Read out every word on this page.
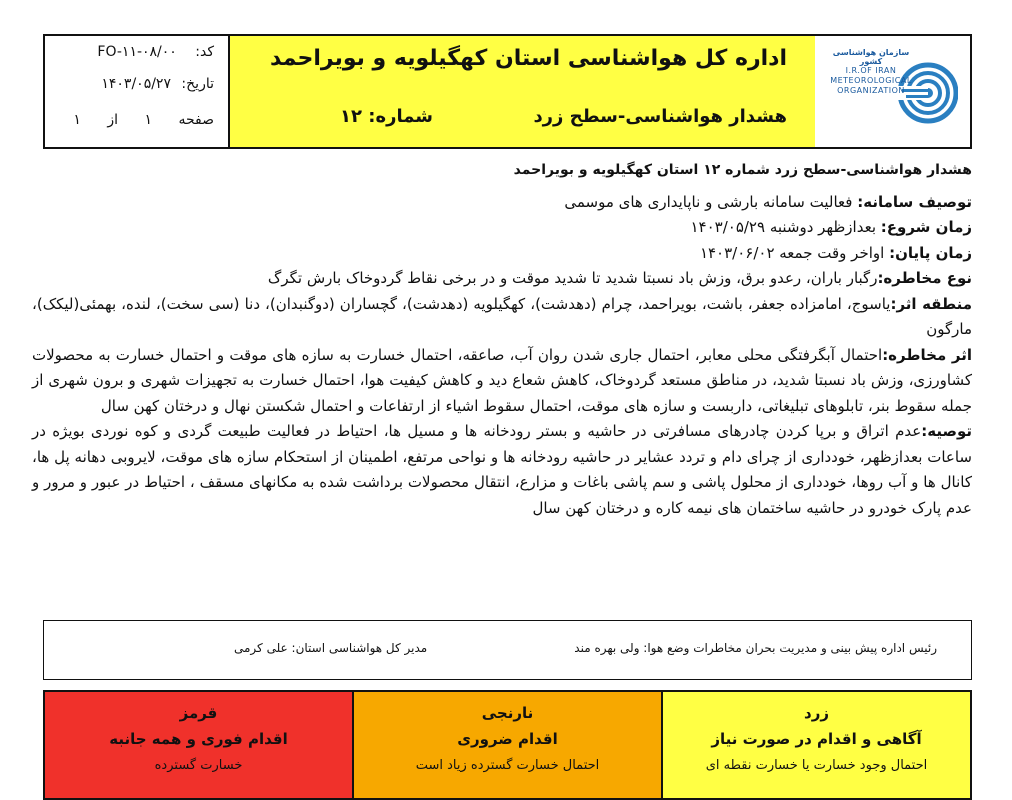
سازمان هواشناسی کشور
I.R.OF IRAN
METEOROLOGICAL
ORGANIZATION
اداره کل هواشناسی استان کهگیلویه و بویراحمد
هشدار هواشناسی-سطح زرد
شماره: ۱۲
کد: FO-۱۱-۰۸/۰۰
تاریخ: ۱۴۰۳/۰۵/۲۷
صفحه ۱ از ۱
هشدار هواشناسی-سطح زرد شماره ۱۲ استان کهگیلویه و بویراحمد
توصیف سامانه: فعالیت سامانه بارشی و ناپایداری های موسمی
زمان شروع: بعدازظهر دوشنبه ۱۴۰۳/۰۵/۲۹
زمان پایان: اواخر وقت جمعه ۱۴۰۳/۰۶/۰۲
نوع مخاطره:رگبار باران، رعدو برق، وزش باد نسبتا شدید تا شدید موقت و در برخی نقاط گردوخاک بارش تگرگ
منطقه اثر:یاسوج، امامزاده جعفر، باشت، بویراحمد، چرام (دهدشت)، کهگیلویه (دهدشت)، گچساران (دوگنبدان)، دنا (سی سخت)، لنده، بهمئی(لیکک)، مارگون
اثر مخاطره:احتمال آبگرفتگی محلی معابر، احتمال جاری شدن روان آب، صاعقه، احتمال خسارت به سازه های موقت و احتمال خسارت به محصولات کشاورزی، وزش باد نسبتا شدید، در مناطق مستعد گردوخاک، کاهش شعاع دید و کاهش کیفیت هوا، احتمال خسارت به تجهیزات شهری و برون شهری از جمله سقوط بنر، تابلوهای تبلیغاتی، داربست و سازه های موقت، احتمال سقوط اشیاء از ارتفاعات و احتمال شکستن نهال و درختان کهن سال
توصیه:عدم اتراق و برپا کردن چادرهای مسافرتی در حاشیه و بستر رودخانه ها و مسیل ها، احتیاط در فعالیت طبیعت گردی و کوه نوردی بویژه در ساعات بعدازظهر، خودداری از چرای دام و تردد عشایر در حاشیه رودخانه ها و نواحی مرتفع، اطمینان از استحکام سازه های موقت، لایروبی دهانه پل ها، کانال ها و آب روها، خودداری از محلول پاشی و سم پاشی باغات و مزارع، انتقال محصولات برداشت شده به مکانهای مسقف ، احتیاط در عبور و مرور و عدم پارک خودرو در حاشیه ساختمان های نیمه کاره و درختان کهن سال
رئیس اداره پیش بینی و مدیریت بحران مخاطرات وضع هوا: ولی بهره مند
مدیر کل هواشناسی استان: علی کرمی
زرد
آگاهی و اقدام در صورت نیاز
احتمال وجود خسارت یا خسارت نقطه ای
نارنجی
اقدام ضروری
احتمال خسارت گسترده زیاد است
قرمز
اقدام فوری و همه جانبه
خسارت گسترده
